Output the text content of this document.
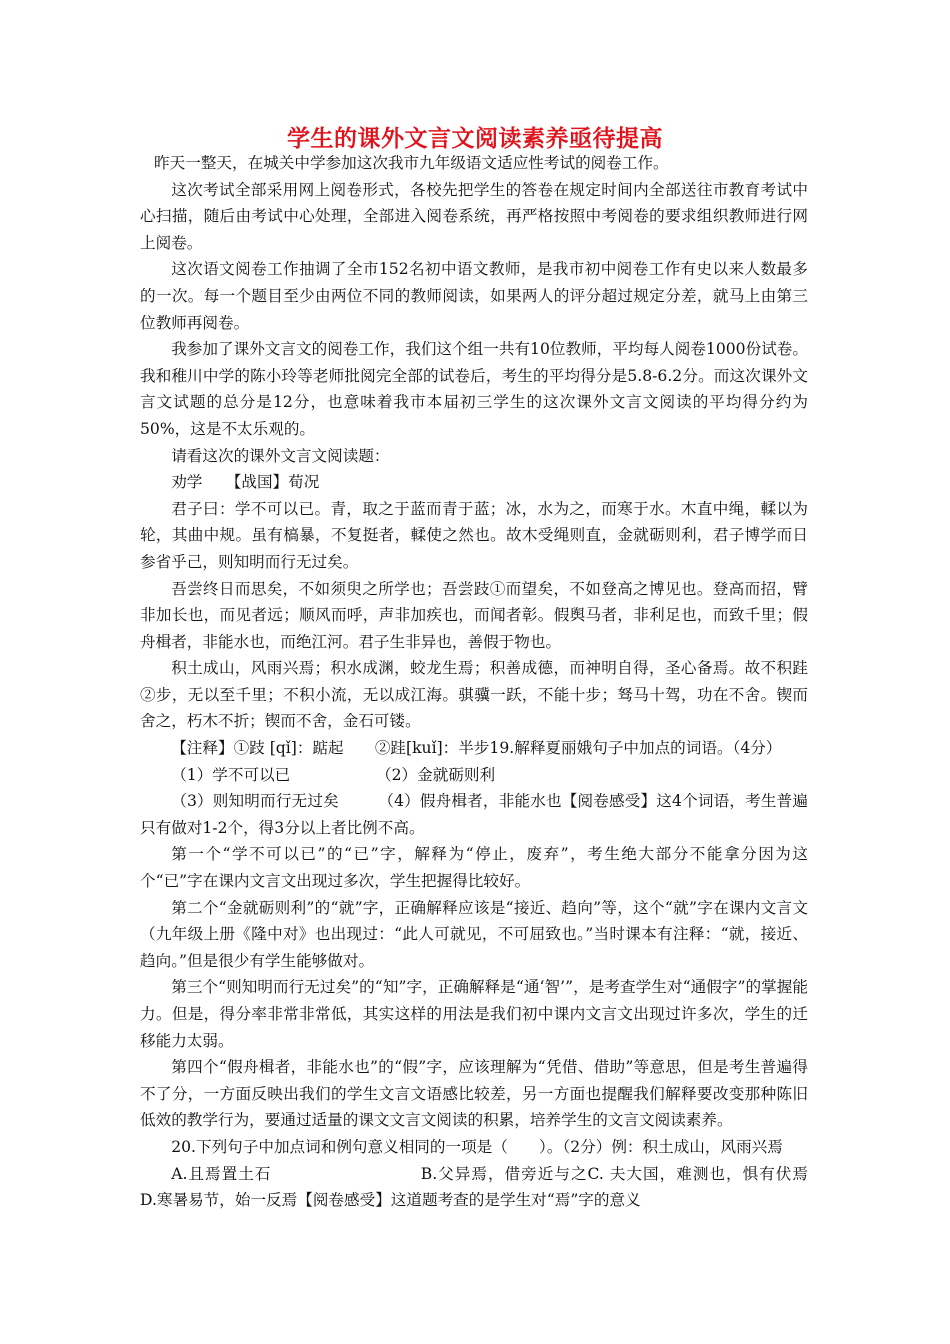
学生的课外文言文阅读素养亟待提高

昨天一整天，在城关中学参加这次我市九年级语文适应性考试的阅卷工作。

这次考试全部采用网上阅卷形式，各校先把学生的答卷在规定时间内全部送往市教育考试中心扫描，随后由考试中心处理，全部进入阅卷系统，再严格按照中考阅卷的要求组织教师进行网上阅卷。

这次语文阅卷工作抽调了全市152名初中语文教师，是我市初中阅卷工作有史以来人数最多的一次。每一个题目至少由两位不同的教师阅读，如果两人的评分超过规定分差，就马上由第三位教师再阅卷。

我参加了课外文言文的阅卷工作，我们这个组一共有10位教师，平均每人阅卷1000份试卷。我和稚川中学的陈小玲等老师批阅完全部的试卷后，考生的平均得分是5.8-6.2分。而这次课外文言文试题的总分是12分，也意味着我市本届初三学生的这次课外文言文阅读的平均得分约为50%，这是不太乐观的。

请看这次的课外文言文阅读题：

劝学　　【战国】荀况

君子曰：学不可以已。青，取之于蓝而青于蓝；冰，水为之，而寒于水。木直中绳，輮以为轮，其曲中规。虽有槁暴，不复挺者，輮使之然也。故木受绳则直，金就砺则利，君子博学而日参省乎己，则知明而行无过矣。

吾尝终日而思矣，不如须臾之所学也；吾尝跂①而望矣，不如登高之博见也。登高而招，臂非加长也，而见者远；顺风而呼，声非加疾也，而闻者彰。假舆马者，非利足也，而致千里；假舟楫者，非能水也，而绝江河。君子生非异也，善假于物也。

积土成山，风雨兴焉；积水成渊，蛟龙生焉；积善成德，而神明自得，圣心备焉。故不积跬②步，无以至千里；不积小流，无以成江海。骐骥一跃，不能十步；驽马十驾，功在不舍。锲而舍之，朽木不折；锲而不舍，金石可镂。

【注释】①跂 [qǐ]：踮起　　②跬[kuǐ]：半步19.解释夏丽娥句子中加点的词语。（4分）

（1）学不可以已　　　　　　（2）金就砺则利

（3）则知明而行无过矣　　　（4）假舟楫者，非能水也【阅卷感受】这4个词语，考生普遍只有做对1-2个，得3分以上者比例不高。

第一个“学不可以已”的“已”字，解释为“停止，废弃”，考生绝大部分不能拿分因为这个“已”字在课内文言文出现过多次，学生把握得比较好。

第二个“金就砺则利”的“就”字，正确解释应该是“接近、趋向”等，这个“就”字在课内文言文（九年级上册《隆中对》也出现过：“此人可就见，不可屈致也。”当时课本有注释：“就，接近、趋向。”但是很少有学生能够做对。

第三个“则知明而行无过矣”的“知”字，正确解释是“通‘智’”，是考查学生对“通假字”的掌握能力。但是，得分率非常非常低，其实这样的用法是我们初中课内文言文出现过许多次，学生的迁移能力太弱。

第四个“假舟楫者，非能水也”的“假”字，应该理解为“凭借、借助”等意思，但是考生普遍得不了分，一方面反映出我们的学生文言文语感比较差，另一方面也提醒我们解释要改变那种陈旧低效的教学行为，要通过适量的课文文言文阅读的积累，培养学生的文言文阅读素养。

20.下列句子中加点词和例句意义相同的一项是（　　）。（2分）例：积土成山，风雨兴焉

A.且焉置土石　　　　　　　　　B.父异焉，借旁近与之C. 夫大国，难测也，惧有伏焉　　　D.寒暑易节，始一反焉【阅卷感受】这道题考查的是学生对“焉”字的意义
